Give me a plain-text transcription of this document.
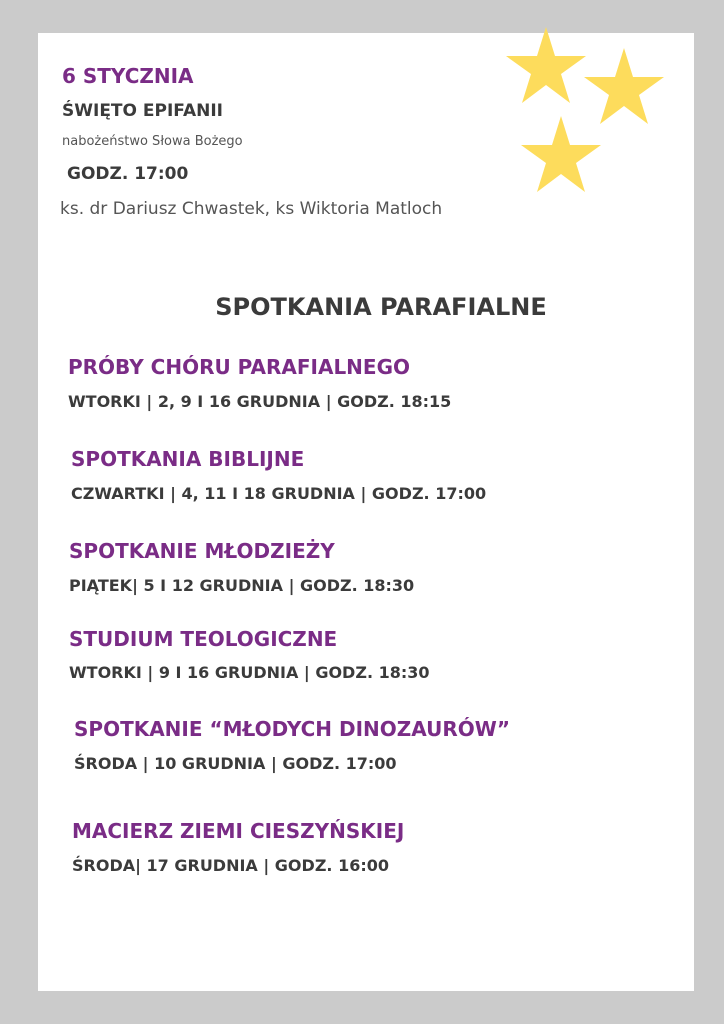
6 STYCZNIA
ŚWIĘTO EPIFANII
nabożeństwo Słowa Bożego
GODZ. 17:00
ks. dr Dariusz Chwastek, ks Wiktoria Matloch
SPOTKANIA PARAFIALNE
PRÓBY CHÓRU PARAFIALNEGO
WTORKI | 2, 9 I 16 GRUDNIA | GODZ. 18:15
SPOTKANIA BIBLIJNE
CZWARTKI | 4, 11 I 18 GRUDNIA | GODZ. 17:00
SPOTKANIE MŁODZIEŻY
PIĄTEK| 5 I 12 GRUDNIA | GODZ. 18:30
STUDIUM TEOLOGICZNE
WTORKI | 9 I 16 GRUDNIA | GODZ. 18:30
SPOTKANIE “MŁODYCH DINOZAURÓW”
ŚRODA | 10 GRUDNIA | GODZ. 17:00
MACIERZ ZIEMI CIESZYŃSKIEJ
ŚRODA| 17 GRUDNIA | GODZ. 16:00
